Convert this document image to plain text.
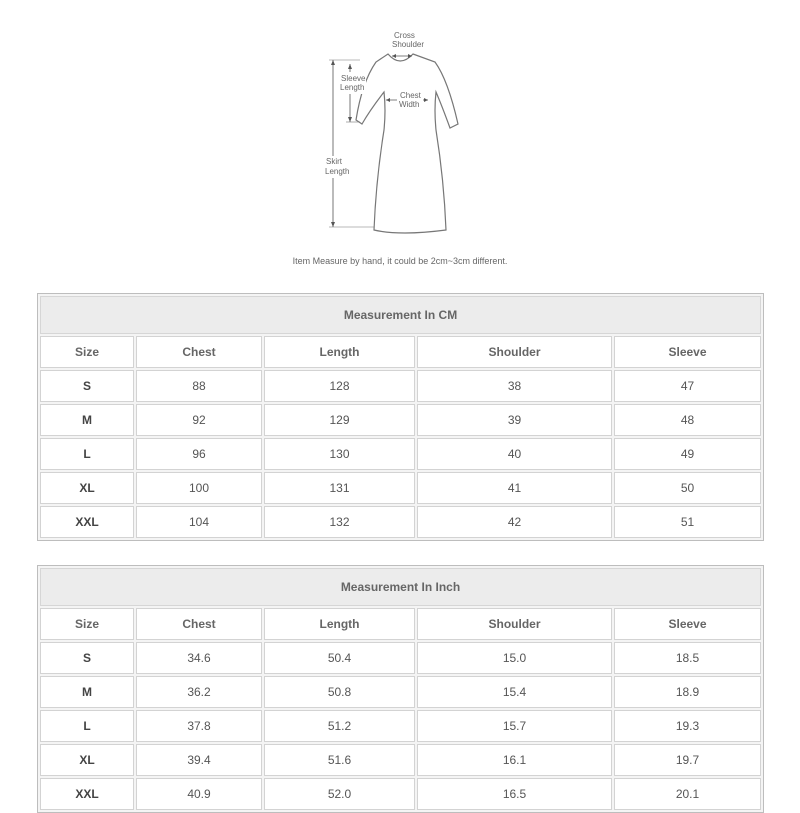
Cross
Shoulder
Sleeve
Length
Chest
Width
Skirt
Length
Item Measure by hand, it could be 2cm~3cm different.
Measurement In CM				
Size	Chest	Length	Shoulder	Sleeve
S	88	128	38	47
M	92	129	39	48
L	96	130	40	49
XL	100	131	41	50
XXL	104	132	42	51
Measurement In Inch				
Size	Chest	Length	Shoulder	Sleeve
S	34.6	50.4	15.0	18.5
M	36.2	50.8	15.4	18.9
L	37.8	51.2	15.7	19.3
XL	39.4	51.6	16.1	19.7
XXL	40.9	52.0	16.5	20.1
